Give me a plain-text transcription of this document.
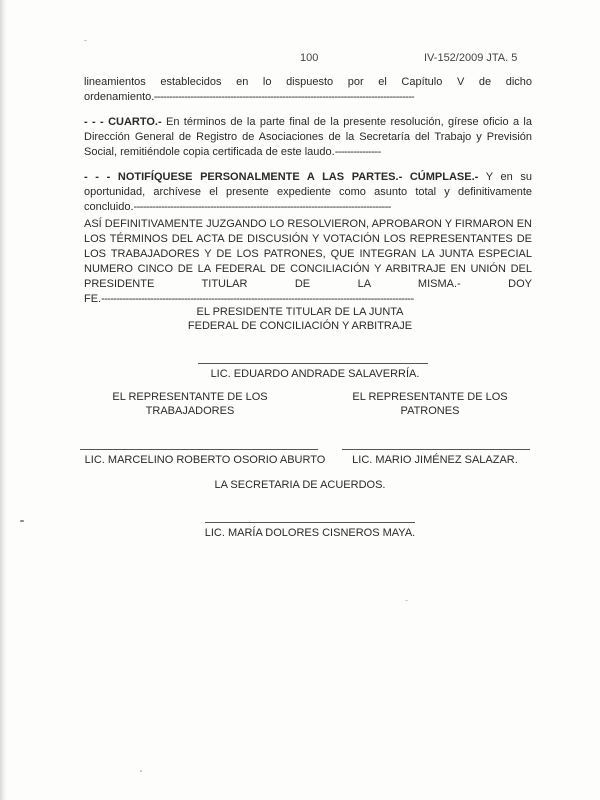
100	IV-152/2009 JTA. 5

lineamientos establecidos en lo dispuesto por el Capítulo V de dicho ordenamiento.-------------------------------------------------------------------------------------

- - - CUARTO.- En términos de la parte final de la presente resolución, gírese oficio a la Dirección General de Registro de Asociaciones de la Secretaría del Trabajo y Previsión Social, remitiéndole copia certificada de este laudo.---------------

- - - NOTIFÍQUESE PERSONALMENTE A LAS PARTES.- CÚMPLASE.- Y en su oportunidad, archívese el presente expediente como asunto total y definitivamente concluido.------------------------------------------------------------------------------------

ASÍ DEFINITIVAMENTE JUZGANDO LO RESOLVIERON, APROBARON Y FIRMARON EN LOS TÉRMINOS DEL ACTA DE DISCUSIÓN Y VOTACIÓN LOS REPRESENTANTES DE LOS TRABAJADORES Y DE LOS PATRONES, QUE INTEGRAN LA JUNTA ESPECIAL NUMERO CINCO DE LA FEDERAL DE CONCILIACIÓN Y ARBITRAJE EN UNIÓN DEL PRESIDENTE TITULAR DE LA MISMA.- DOY FE.------------------------------------------------------------------------------------------------------

EL PRESIDENTE TITULAR DE LA JUNTA

FEDERAL DE CONCILIACIÓN Y ARBITRAJE

LIC. EDUARDO ANDRADE SALAVERRÍA.

EL REPRESENTANTE DE LOS

TRABAJADORES

EL REPRESENTANTE DE LOS

PATRONES

LIC. MARCELINO ROBERTO OSORIO ABURTO	LIC. MARIO JIMÉNEZ SALAZAR.

LA SECRETARIA DE ACUERDOS.

LIC. MARÍA DOLORES CISNEROS MAYA.
